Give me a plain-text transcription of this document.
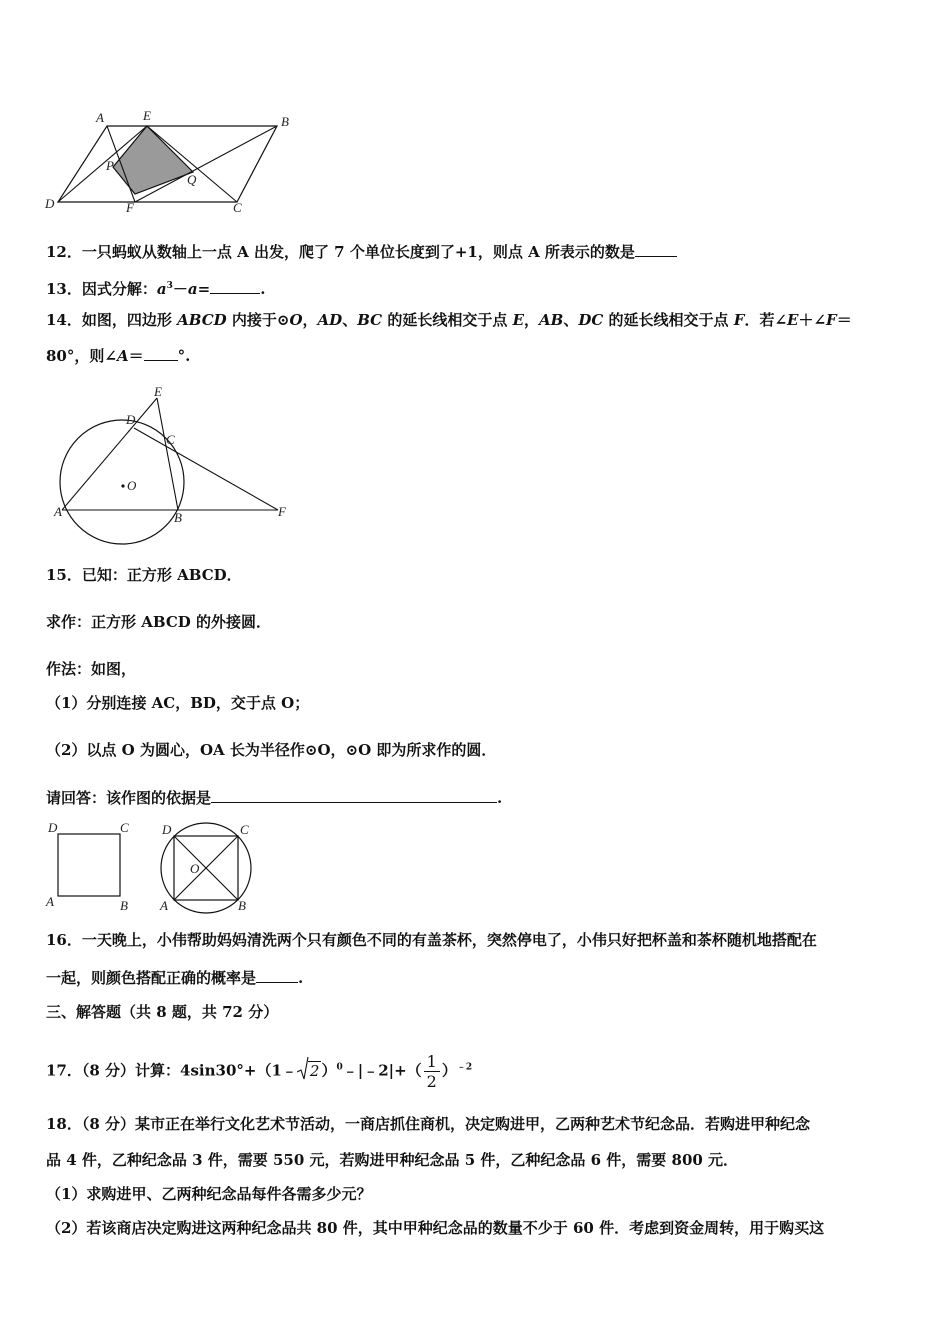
A	E	B
P
Q
D	F	C
12．一只蚂蚁从数轴上一点 A 出发，爬了 7 个单位长度到了+1，则点 A 所表示的数是
13．因式分解：$a^3-a=$	.
14．如图，四边形 ABCD 内接于⊙O，AD、BC 的延长线相交于点 E，AB、DC 的延长线相交于点 F．若∠E＋∠F＝
80°，则∠A＝ °.
E
D
C
O
A	B	F
15．已知：正方形 ABCD．
求作：正方形 ABCD 的外接圆．
作法：如图，
（1）分别连接 AC，BD，交于点 O；
（2）以点 O 为圆心，OA 长为半径作⊙O，⊙O 即为所求作的圆．
请回答：该作图的依据是	.
D	C
A	B
D	C
O
A	B
16．一天晚上，小伟帮助妈妈清洗两个只有颜色不同的有盖茶杯，突然停电了，小伟只好把杯盖和茶杯随机地搭配在
一起，则颜色搭配正确的概率是	.
三、解答题（共 8 题，共 72 分）
17．（8 分）计算：4sin30°+（1﹣ 2 ）$^0$﹣|﹣2|+（ $\frac{1}{2} )^{﹣2}$
18．（8 分）某市正在举行文化艺术节活动，一商店抓住商机，决定购进甲，乙两种艺术节纪念品．若购进甲种纪念
品 4 件，乙种纪念品 3 件，需要 550 元，若购进甲种纪念品 5 件，乙种纪念品 6 件，需要 800 元．
（1）求购进甲、乙两种纪念品每件各需多少元？
（2）若该商店决定购进这两种纪念品共 80 件，其中甲种纪念品的数量不少于 60 件．考虑到资金周转，用于购买这
